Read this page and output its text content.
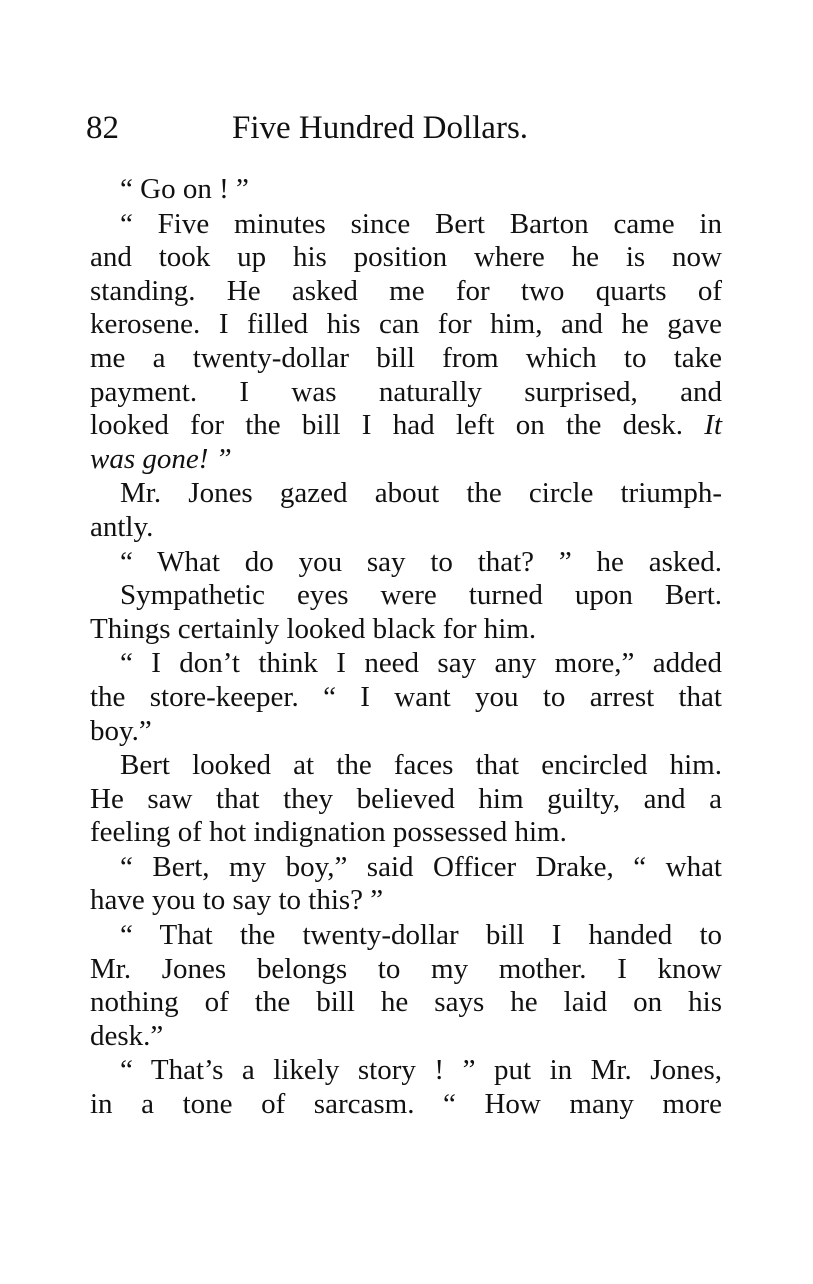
82	Five Hundred Dollars.
“ Go on ! ”
“ Five minutes since Bert Barton came in
and took up his position where he is now
standing. He asked me for two quarts of
kerosene. I filled his can for him, and he gave
me a twenty-dollar bill from which to take
payment. I was naturally surprised, and
looked for the bill I had left on the desk. It
was gone! ”
Mr. Jones gazed about the circle triumph-
antly.
“ What do you say to that? ” he asked.
Sympathetic eyes were turned upon Bert.
Things certainly looked black for him.
“ I don’t think I need say any more,” added
the store-keeper. “ I want you to arrest that
boy.”
Bert looked at the faces that encircled him.
He saw that they believed him guilty, and a
feeling of hot indignation possessed him.
“ Bert, my boy,” said Officer Drake, “ what
have you to say to this? ”
“ That the twenty-dollar bill I handed to
Mr. Jones belongs to my mother. I know
nothing of the bill he says he laid on his
desk.”
“ That’s a likely story ! ” put in Mr. Jones,
in a tone of sarcasm. “ How many more
